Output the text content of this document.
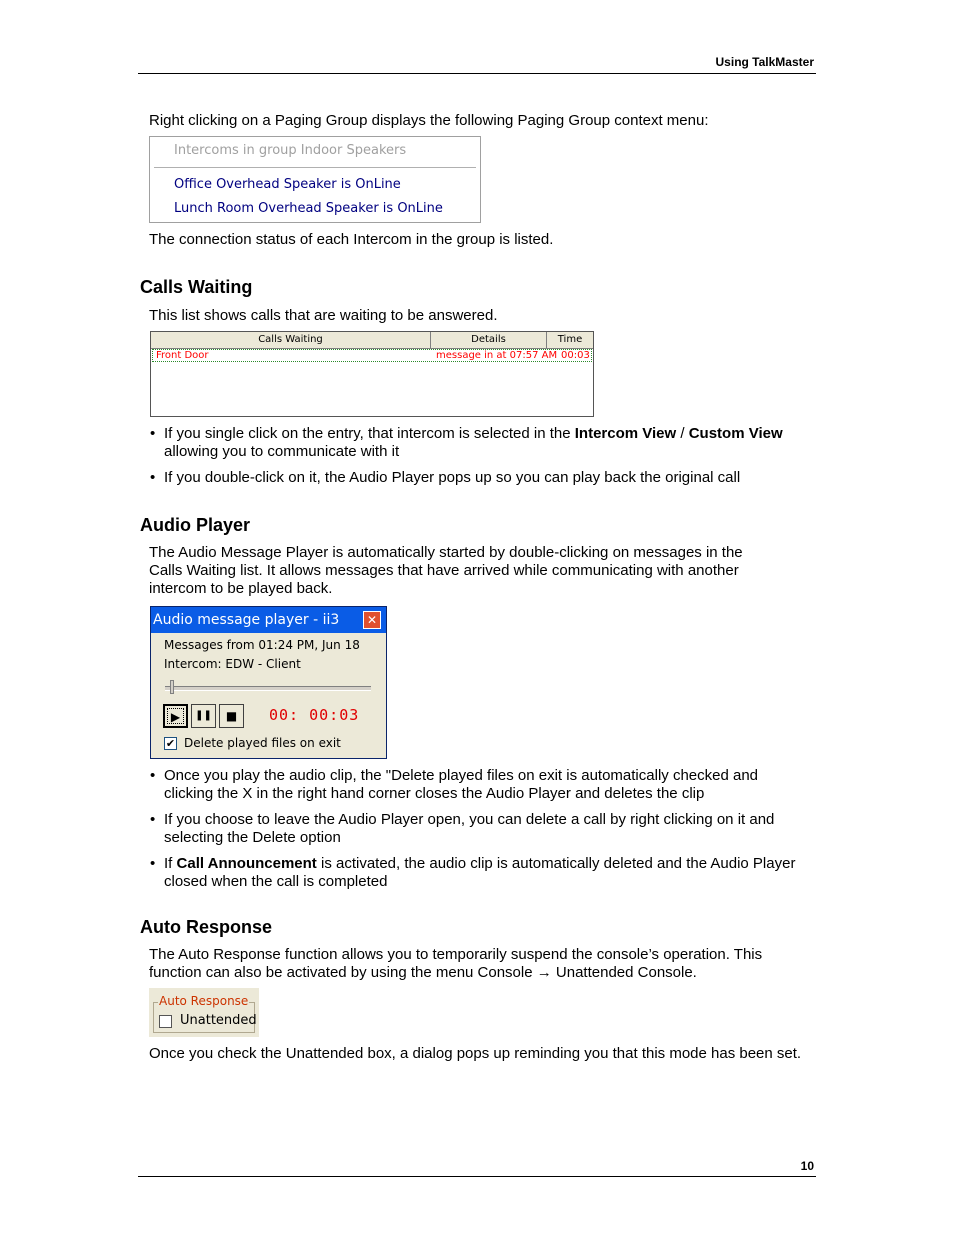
Using TalkMaster
Right clicking on a Paging Group displays the following Paging Group context menu:
Intercoms in group Indoor Speakers
Office Overhead Speaker is OnLine
Lunch Room Overhead Speaker is OnLine
The connection status of each Intercom in the group is listed.
Calls Waiting
This list shows calls that are waiting to be answered.
Calls Waiting	Details	Time
Front Door	message in at 07:57 AM 00:03
• If you single click on the entry, that intercom is selected in the Intercom View / Custom View allowing you to communicate with it
• If you double-click on it, the Audio Player pops up so you can play back the original call
Audio Player
The Audio Message Player is automatically started by double-clicking on messages in the Calls Waiting list. It allows messages that have arrived while communicating with another intercom to be played back.
Audio message player - ii3	✕
Messages from 01:24 PM, Jun 18
Intercom: EDW - Client
▶	❚❚	■	00: 00:03
✔ Delete played files on exit
• Once you play the audio clip, the "Delete played files on exit is automatically checked and clicking the X in the right hand corner closes the Audio Player and deletes the clip
• If you choose to leave the Audio Player open, you can delete a call by right clicking on it and selecting the Delete option
• If Call Announcement is activated, the audio clip is automatically deleted and the Audio Player closed when the call is completed
Auto Response
The Auto Response function allows you to temporarily suspend the console’s operation. This function can also be activated by using the menu Console → Unattended Console.
Auto Response
Unattended
Once you check the Unattended box, a dialog pops up reminding you that this mode has been set.
10
